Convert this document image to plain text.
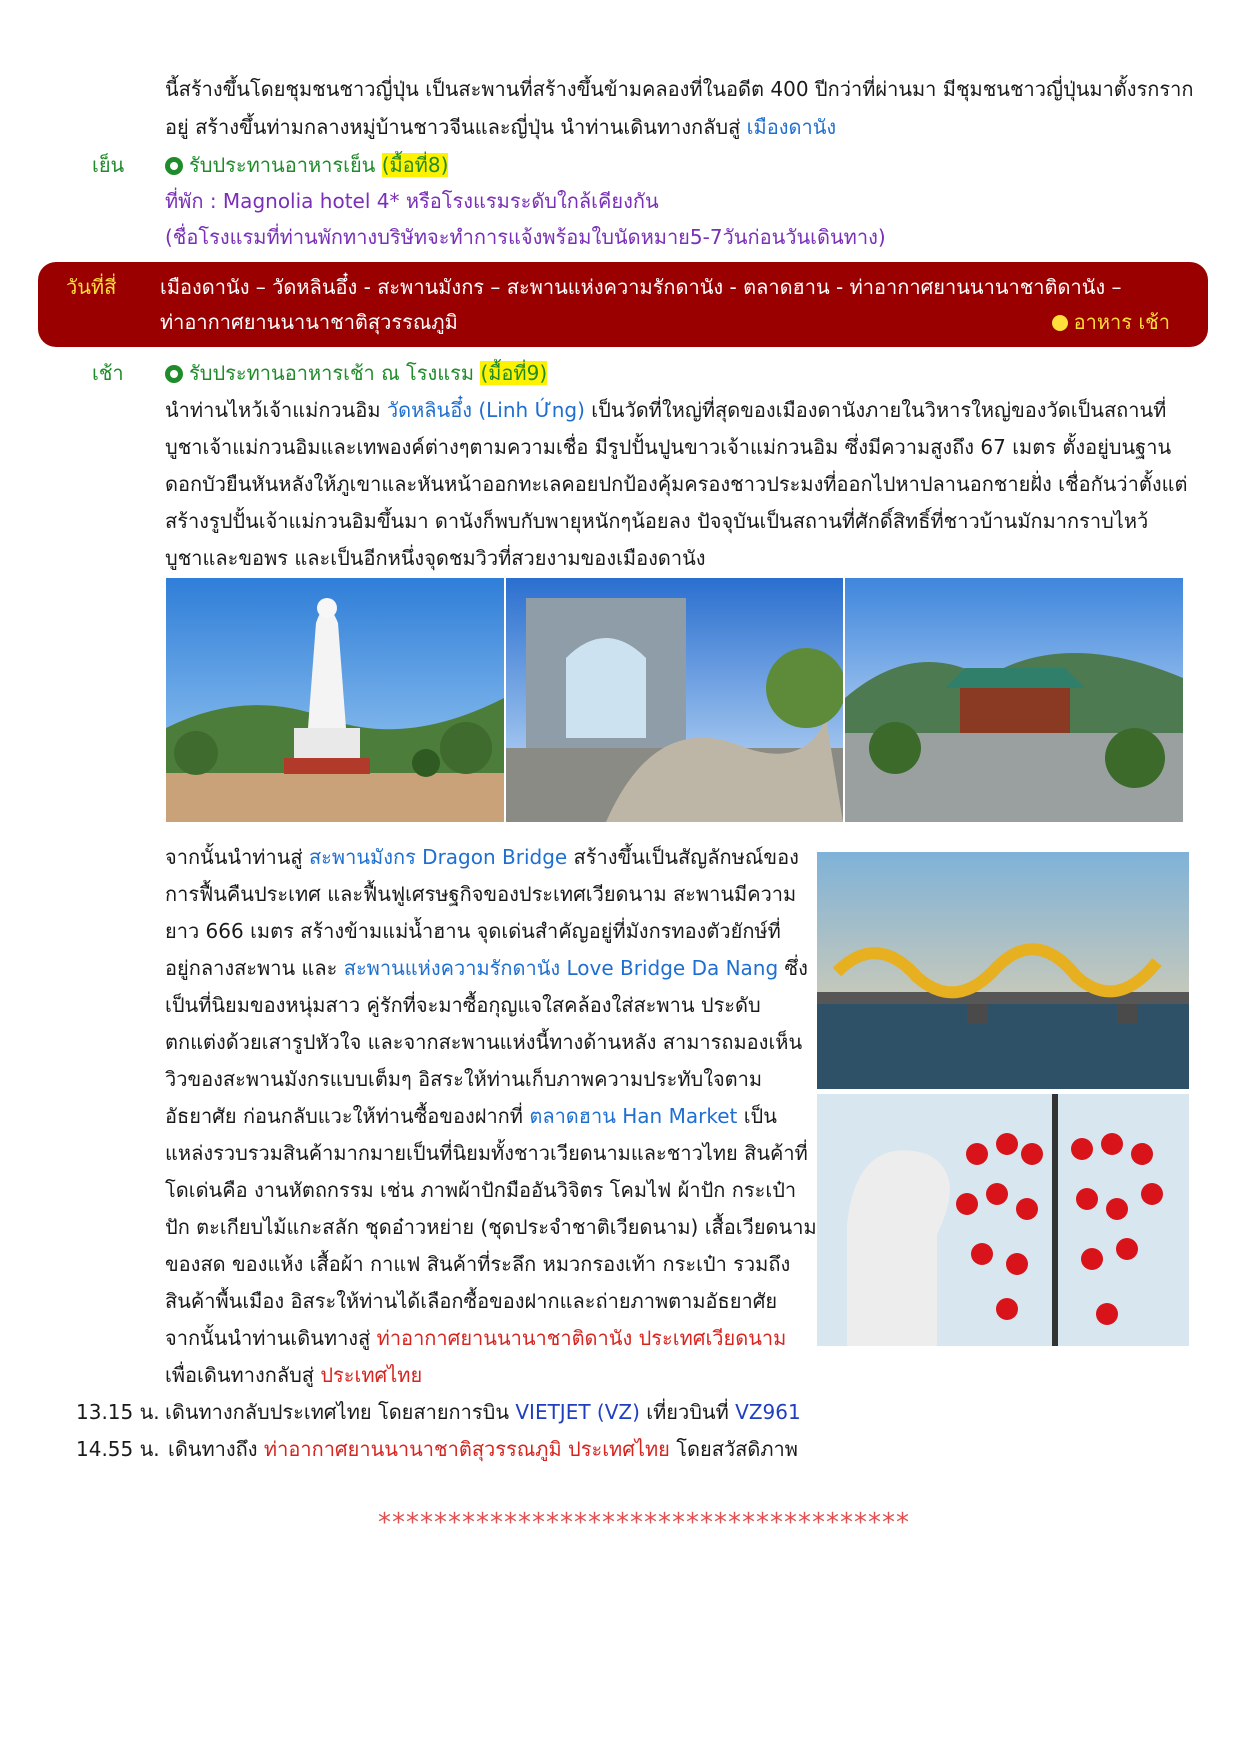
นี้สร้างขึ้นโดยชุมชนชาวญี่ปุ่น เป็นสะพานที่สร้างขึ้นข้ามคลองที่ในอดีต 400 ปีกว่าที่ผ่านมา มีชุมชนชาวญี่ปุ่นมาตั้งรกราก
อยู่ สร้างขึ้นท่ามกลางหมู่บ้านชาวจีนและญี่ปุ่น นำท่านเดินทางกลับสู่ เมืองดานัง
เย็น	รับประทานอาหารเย็น (มื้อที่8)
ที่พัก : Magnolia hotel 4* หรือโรงแรมระดับใกล้เคียงกัน
(ชื่อโรงแรมที่ท่านพักทางบริษัทจะทำการแจ้งพร้อมใบนัดหมาย5-7วันก่อนวันเดินทาง)
วันที่สี่ เมืองดานัง – วัดหลินอึ๋ง - สะพานมังกร – สะพานแห่งความรักดานัง - ตลาดฮาน - ท่าอากาศยานนานาชาติดานัง –
ท่าอากาศยานนานาชาติสุวรรณภูมิ	อาหาร เช้า
เช้า	รับประทานอาหารเช้า ณ โรงแรม (มื้อที่9)
นำท่านไหว้เจ้าแม่กวนอิม วัดหลินอึ๋ง (Linh Ứng) เป็นวัดที่ใหญ่ที่สุดของเมืองดานังภายในวิหารใหญ่ของวัดเป็นสถานที่
บูชาเจ้าแม่กวนอิมและเทพองค์ต่างๆตามความเชื่อ มีรูปปั้นปูนขาวเจ้าแม่กวนอิม ซึ่งมีความสูงถึง 67 เมตร ตั้งอยู่บนฐาน
ดอกบัวยืนหันหลังให้ภูเขาและหันหน้าออกทะเลคอยปกป้องคุ้มครองชาวประมงที่ออกไปหาปลานอกชายฝั่ง เชื่อกันว่าตั้งแต่
สร้างรูปปั้นเจ้าแม่กวนอิมขึ้นมา ดานังก็พบกับพายุหนักๆน้อยลง ปัจจุบันเป็นสถานที่ศักดิ์สิทธิ์ที่ชาวบ้านมักมากราบไหว้
บูชาและขอพร และเป็นอีกหนึ่งจุดชมวิวที่สวยงามของเมืองดานัง
จากนั้นนำท่านสู่ สะพานมังกร Dragon Bridge สร้างขึ้นเป็นสัญลักษณ์ของ
การฟื้นคืนประเทศ และฟื้นฟูเศรษฐกิจของประเทศเวียดนาม สะพานมีความ
ยาว 666 เมตร สร้างข้ามแม่น้ำฮาน จุดเด่นสำคัญอยู่ที่มังกรทองตัวยักษ์ที่
อยู่กลางสะพาน และ สะพานแห่งความรักดานัง Love Bridge Da Nang ซึ่ง
เป็นที่นิยมของหนุ่มสาว คู่รักที่จะมาซื้อกุญแจใสคล้องใส่สะพาน ประดับ
ตกแต่งด้วยเสารูปหัวใจ และจากสะพานแห่งนี้ทางด้านหลัง สามารถมองเห็น
วิวของสะพานมังกรแบบเต็มๆ อิสระให้ท่านเก็บภาพความประทับใจตาม
อัธยาศัย ก่อนกลับแวะให้ท่านซื้อของฝากที่ ตลาดฮาน Han Market เป็น
แหล่งรวบรวมสินค้ามากมายเป็นที่นิยมทั้งชาวเวียดนามและชาวไทย สินค้าที่
โดเด่นคือ งานหัตถกรรม เช่น ภาพผ้าปักมืออันวิจิตร โคมไฟ ผ้าปัก กระเป๋า
ปัก ตะเกียบไม้แกะสลัก ชุดอ๋าวหย่าย (ชุดประจำชาติเวียดนาม) เสื้อเวียดนาม
ของสด ของแห้ง เสื้อผ้า กาแฟ สินค้าที่ระลึก หมวกรองเท้า กระเป๋า รวมถึง
สินค้าพื้นเมือง อิสระให้ท่านได้เลือกซื้อของฝากและถ่ายภาพตามอัธยาศัย
จากนั้นนำท่านเดินทางสู่ ท่าอากาศยานนานาชาติดานัง ประเทศเวียดนาม
เพื่อเดินทางกลับสู่ ประเทศไทย
13.15 น. เดินทางกลับประเทศไทย โดยสายการบิน VIETJET (VZ) เที่ยวบินที่ VZ961
14.55 น. เดินทางถึง ท่าอากาศยานนานาชาติสุวรรณภูมิ ประเทศไทย โดยสวัสดิภาพ
**************************************
